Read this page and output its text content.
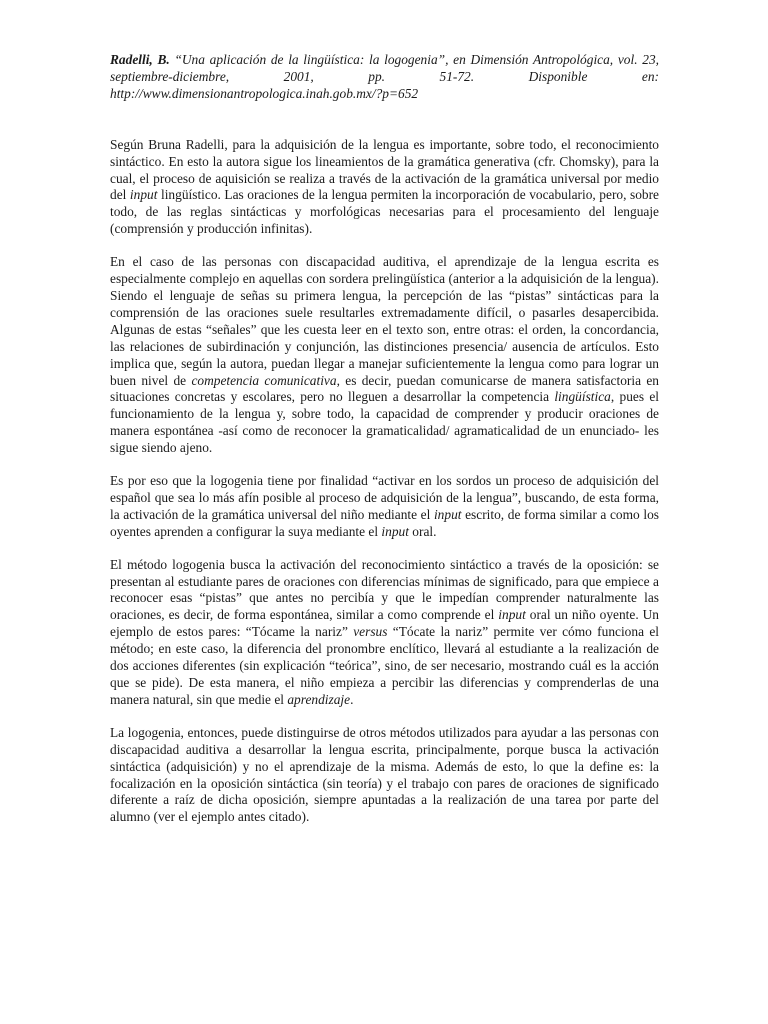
Radelli, B. “Una aplicación de la lingüística: la logogenia”, en Dimensión Antropológica, vol. 23, septiembre-diciembre, 2001, pp. 51-72. Disponible en: http://www.dimensionantropologica.inah.gob.mx/?p=652

Según Bruna Radelli, para la adquisición de la lengua es importante, sobre todo, el reconocimiento sintáctico. En esto la autora sigue los lineamientos de la gramática generativa (cfr. Chomsky), para la cual, el proceso de aquisición se realiza a través de la activación de la gramática universal por medio del input lingüístico. Las oraciones de la lengua permiten la incorporación de vocabulario, pero, sobre todo, de las reglas sintácticas y morfológicas necesarias para el procesamiento del lenguaje (comprensión y producción infinitas).

En el caso de las personas con discapacidad auditiva, el aprendizaje de la lengua escrita es especialmente complejo en aquellas con sordera prelingüística (anterior a la adquisición de la lengua). Siendo el lenguaje de señas su primera lengua, la percepción de las “pistas” sintácticas para la comprensión de las oraciones suele resultarles extremadamente difícil, o pasarles desapercibida. Algunas de estas “señales” que les cuesta leer en el texto son, entre otras: el orden, la concordancia, las relaciones de subirdinación y conjunción, las distinciones presencia/ ausencia de artículos. Esto implica que, según la autora, puedan llegar a manejar suficientemente la lengua como para lograr un buen nivel de competencia comunicativa, es decir, puedan comunicarse de manera satisfactoria en situaciones concretas y escolares, pero no lleguen a desarrollar la competencia lingüística, pues el funcionamiento de la lengua y, sobre todo, la capacidad de comprender y producir oraciones de manera espontánea -así como de reconocer la gramaticalidad/ agramaticalidad de un enunciado- les sigue siendo ajeno.

Es por eso que la logogenia tiene por finalidad “activar en los sordos un proceso de adquisición del español que sea lo más afín posible al proceso de adquisición de la lengua”, buscando, de esta forma, la activación de la gramática universal del niño mediante el input escrito, de forma similar a como los oyentes aprenden a configurar la suya mediante el input oral.

El método logogenia busca la activación del reconocimiento sintáctico a través de la oposición: se presentan al estudiante pares de oraciones con diferencias mínimas de significado, para que empiece a reconocer esas “pistas” que antes no percibía y que le impedían comprender naturalmente las oraciones, es decir, de forma espontánea, similar a como comprende el input oral un niño oyente. Un ejemplo de estos pares: “Tócame la nariz” versus “Tócate la nariz” permite ver cómo funciona el método; en este caso, la diferencia del pronombre enclítico, llevará al estudiante a la realización de dos acciones diferentes (sin explicación “teórica”, sino, de ser necesario, mostrando cuál es la acción que se pide). De esta manera, el niño empieza a percibir las diferencias y comprenderlas de una manera natural, sin que medie el aprendizaje.

La logogenia, entonces, puede distinguirse de otros métodos utilizados para ayudar a las personas con discapacidad auditiva a desarrollar la lengua escrita, principalmente, porque busca la activación sintáctica (adquisición) y no el aprendizaje de la misma. Además de esto, lo que la define es: la focalización en la oposición sintáctica (sin teoría) y el trabajo con pares de oraciones de significado diferente a raíz de dicha oposición, siempre apuntadas a la realización de una tarea por parte del alumno (ver el ejemplo antes citado).
